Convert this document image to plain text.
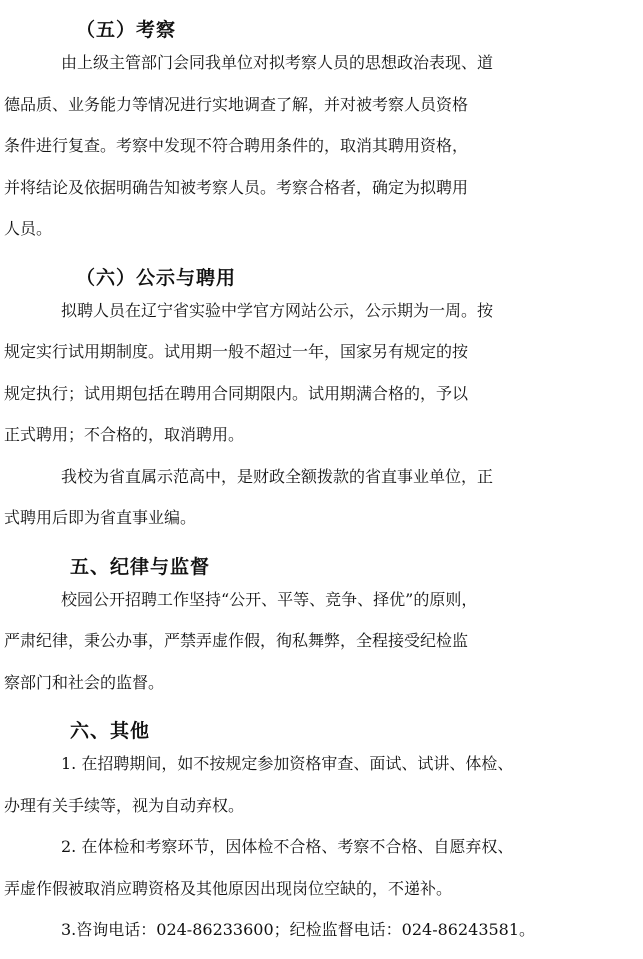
（五）考察
由上级主管部门会同我单位对拟考察人员的思想政治表现、道
德品质、业务能力等情况进行实地调查了解，并对被考察人员资格
条件进行复查。考察中发现不符合聘用条件的，取消其聘用资格，
并将结论及依据明确告知被考察人员。考察合格者，确定为拟聘用
人员。
（六）公示与聘用
拟聘人员在辽宁省实验中学官方网站公示，公示期为一周。按
规定实行试用期制度。试用期一般不超过一年，国家另有规定的按
规定执行；试用期包括在聘用合同期限内。试用期满合格的，予以
正式聘用；不合格的，取消聘用。
我校为省直属示范高中，是财政全额拨款的省直事业单位，正
式聘用后即为省直事业编。
五、纪律与监督
校园公开招聘工作坚持“公开、平等、竞争、择优”的原则，
严肃纪律，秉公办事，严禁弄虚作假，徇私舞弊，全程接受纪检监
察部门和社会的监督。
六、其他
1. 在招聘期间，如不按规定参加资格审查、面试、试讲、体检、
办理有关手续等，视为自动弃权。
2. 在体检和考察环节，因体检不合格、考察不合格、自愿弃权、
弄虚作假被取消应聘资格及其他原因出现岗位空缺的，不递补。
3.咨询电话：024-86233600；纪检监督电话：024-86243581。
